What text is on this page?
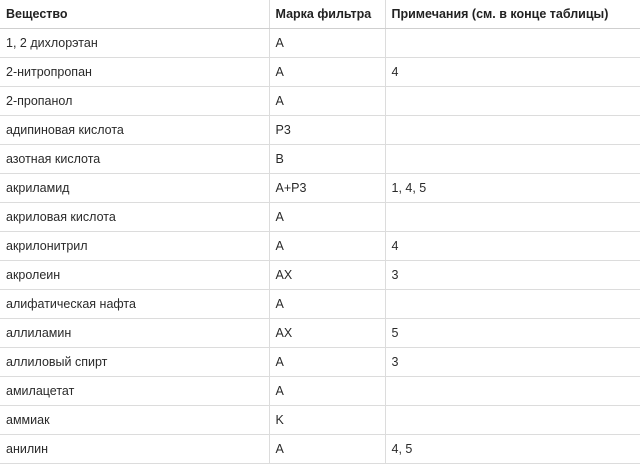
Вещество	Марка фильтра	Примечания (см. в конце таблицы)
1, 2 дихлорэтан	A	
2-нитропропан	A	4
2-пропанол	A	
адипиновая кислота	P3	
азотная кислота	B	
акриламид	A+P3	1, 4, 5
акриловая кислота	A	
акрилонитрил	A	4
акролеин	AX	3
алифатическая нафта	A	
аллиламин	AX	5
аллиловый спирт	A	3
амилацетат	A	
аммиак	K	
анилин	A	4, 5
